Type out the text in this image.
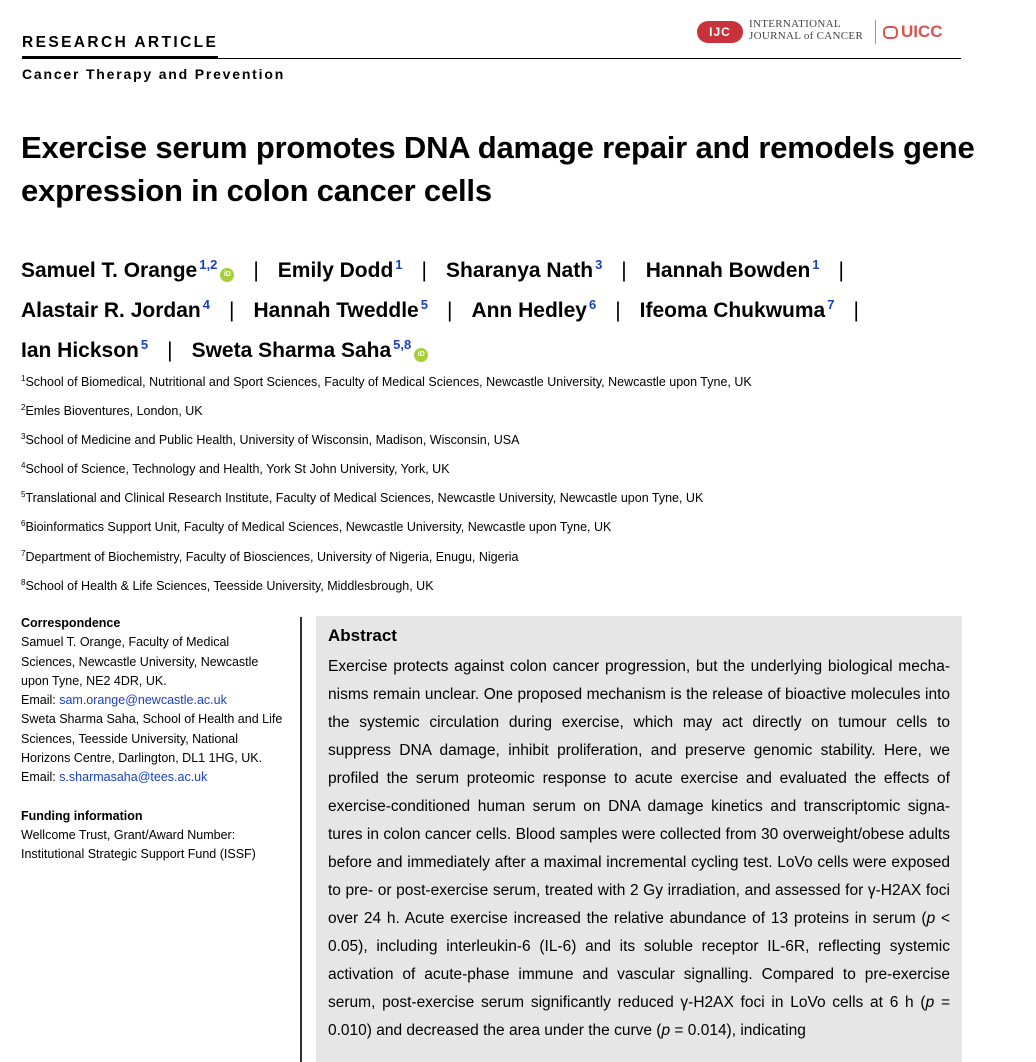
RESEARCH ARTICLE
Cancer Therapy and Prevention
IJC
INTERNATIONAL
JOURNAL of CANCER	UICC
Exercise serum promotes DNA damage repair and remodels gene expression in colon cancer cells
Samuel T. Orange $^{1,2}$iD | Emily Dodd $^1$ | Sharanya Nath $^3$ | Hannah Bowden $^1$ |
Alastair R. Jordan $^4$ | Hannah Tweddle $^5$ | Ann Hedley $^6$ | Ifeoma Chukwuma $^7$ |
Ian Hickson $^5$ | Sweta Sharma Saha $^{5,8}$iD
$^1$School of Biomedical, Nutritional and Sport Sciences, Faculty of Medical Sciences, Newcastle University, Newcastle upon Tyne, UK
$^2$Emles Bioventures, London, UK
$^3$School of Medicine and Public Health, University of Wisconsin, Madison, Wisconsin, USA
$^4$School of Science, Technology and Health, York St John University, York, UK
$^5$Translational and Clinical Research Institute, Faculty of Medical Sciences, Newcastle University, Newcastle upon Tyne, UK
$^6$Bioinformatics Support Unit, Faculty of Medical Sciences, Newcastle University, Newcastle upon Tyne, UK
$^7$Department of Biochemistry, Faculty of Biosciences, University of Nigeria, Enugu, Nigeria
$^8$School of Health & Life Sciences, Teesside University, Middlesbrough, UK
Correspondence
Samuel T. Orange, Faculty of Medical
Sciences, Newcastle University, Newcastle
upon Tyne, NE2 4DR, UK.
Email: sam.orange@newcastle.ac.uk
Sweta Sharma Saha, School of Health and Life
Sciences, Teesside University, National
Horizons Centre, Darlington, DL1 1HG, UK.
Email: s.sharmasaha@tees.ac.uk
Funding information
Wellcome Trust, Grant/Award Number:
Institutional Strategic Support Fund (ISSF)
Abstract

Exercise protects against colon cancer progression, but the underlying biological mechanisms remain unclear. One proposed mechanism is the release of bioactive molecules into the systemic circulation during exercise, which may act directly on tumour cells to suppress DNA damage, inhibit proliferation, and preserve genomic stability. Here, we profiled the serum proteomic response to acute exercise and evaluated the effects of exercise-conditioned human serum on DNA damage kinetics and transcriptomic signatures in colon cancer cells. Blood samples were collected from 30 overweight/obese adults before and immediately after a maximal incremental cycling test. LoVo cells were exposed to pre- or post-exercise serum, treated with 2 Gy irradiation, and assessed for γ-H2AX foci over 24 h. Acute exercise increased the relative abundance of 13 proteins in serum (p < 0.05), including interleukin-6 (IL-6) and its soluble receptor IL-6R, reflecting systemic activation of acute-phase immune and vascular signalling. Compared to pre-exercise serum, post-exercise serum significantly reduced γ-H2AX foci in LoVo cells at 6 h (p = 0.010) and decreased the area under the curve (p = 0.014), indicating
